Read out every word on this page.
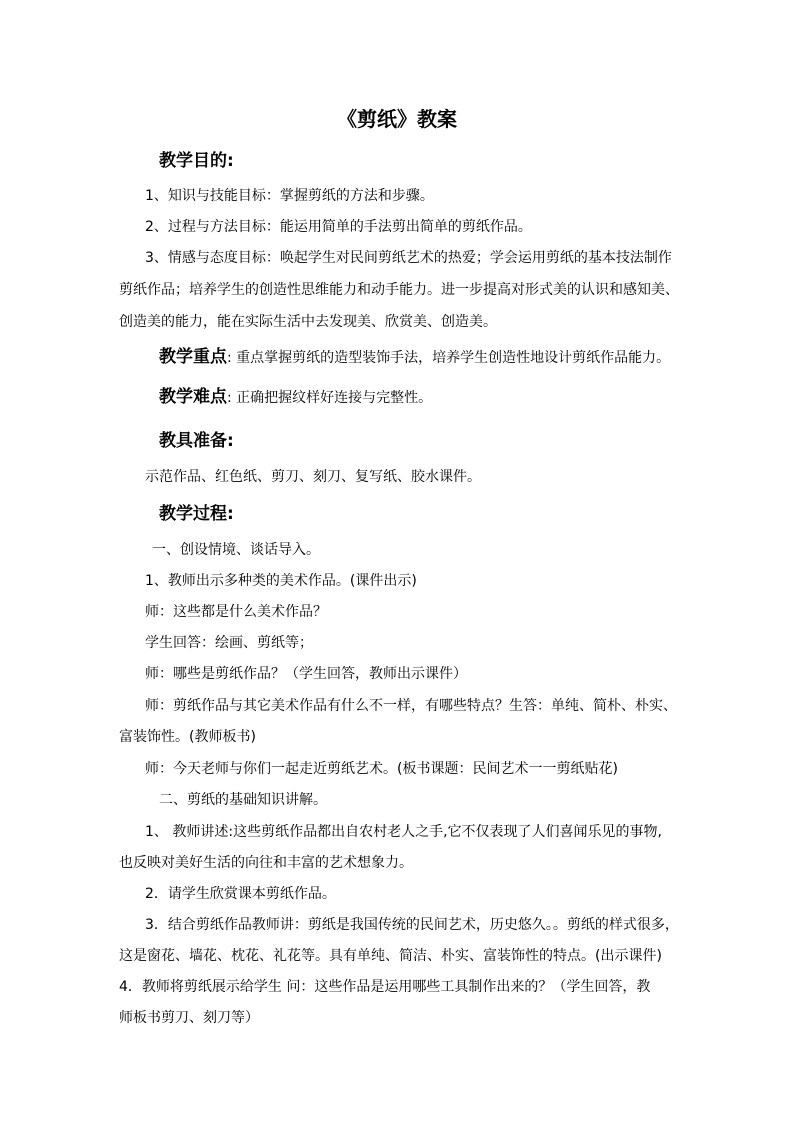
《剪纸》教案
教学目的:
1、知识与技能目标：掌握剪纸的方法和步骤。
2、过程与方法目标：能运用简单的手法剪出简单的剪纸作品。
3、情感与态度目标：唤起学生对民间剪纸艺术的热爱；学会运用剪纸的基本技法制作
剪纸作品；培养学生的创造性思维能力和动手能力。进一步提高对形式美的认识和感知美、
创造美的能力，能在实际生活中去发现美、欣赏美、创造美。
教学重点: 重点掌握剪纸的造型装饰手法，培养学生创造性地设计剪纸作品能力。
教学难点: 正确把握纹样好连接与完整性。
教具准备:
示范作品、红色纸、剪刀、刻刀、复写纸、胶水课件。
教学过程:
一、创设情境、谈话导入。
1、教师出示多种类的美术作品。(课件出示)
师：这些都是什么美术作品？
学生回答：绘画、剪纸等；
师：哪些是剪纸作品？（学生回答，教师出示课件）
师：剪纸作品与其它美术作品有什么不一样，有哪些特点？生答：单纯、简朴、朴实、
富装饰性。(教师板书)
师：今天老师与你们一起走近剪纸艺术。(板书课题：民间艺术一一剪纸贴花)
二、剪纸的基础知识讲解。
1、 教师讲述:这些剪纸作品都出自农村老人之手,它不仅表现了人们喜闻乐见的事物,
也反映对美好生活的向往和丰富的艺术想象力。
2．请学生欣赏课本剪纸作品。
3．结合剪纸作品教师讲：剪纸是我国传统的民间艺术，历史悠久。。剪纸的样式很多，
这是窗花、墙花、枕花、礼花等。具有单纯、简洁、朴实、富装饰性的特点。(出示课件)
4．教师将剪纸展示给学生 问：这些作品是运用哪些工具制作出来的？（学生回答，教
师板书剪刀、刻刀等）
